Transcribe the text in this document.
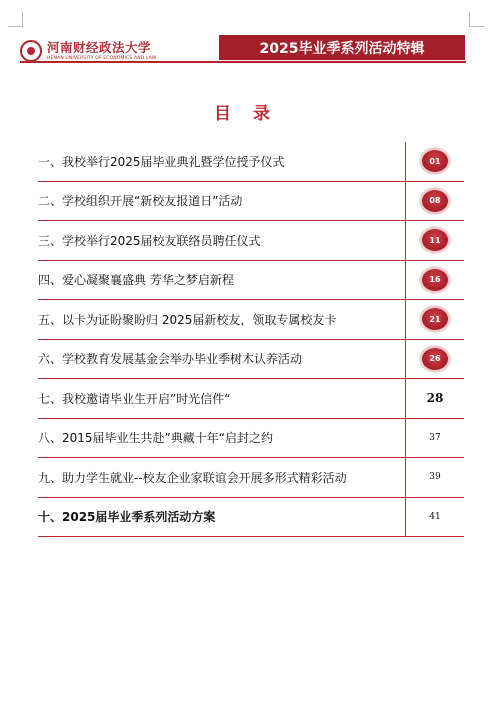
河南财经政法大学
HENAN UNIVERSITY OF ECONOMICS AND LAW
2025毕业季系列活动特辑
目 录
一、我校举行2025届毕业典礼暨学位授予仪式	01
二、学校组织开展“新校友报道日”活动	08
三、学校举行2025届校友联络员聘任仪式	11
四、爱心凝聚襄盛典 芳华之梦启新程	16
五、以卡为证盼聚盼归 2025届新校友，领取专属校友卡	21
六、学校教育发展基金会举办毕业季树木认养活动	26
七、我校邀请毕业生开启”时光信件“	28
八、2015届毕业生共赴”典藏十年“启封之约	37
九、助力学生就业--校友企业家联谊会开展多形式精彩活动	39
十、2025届毕业季系列活动方案	41
